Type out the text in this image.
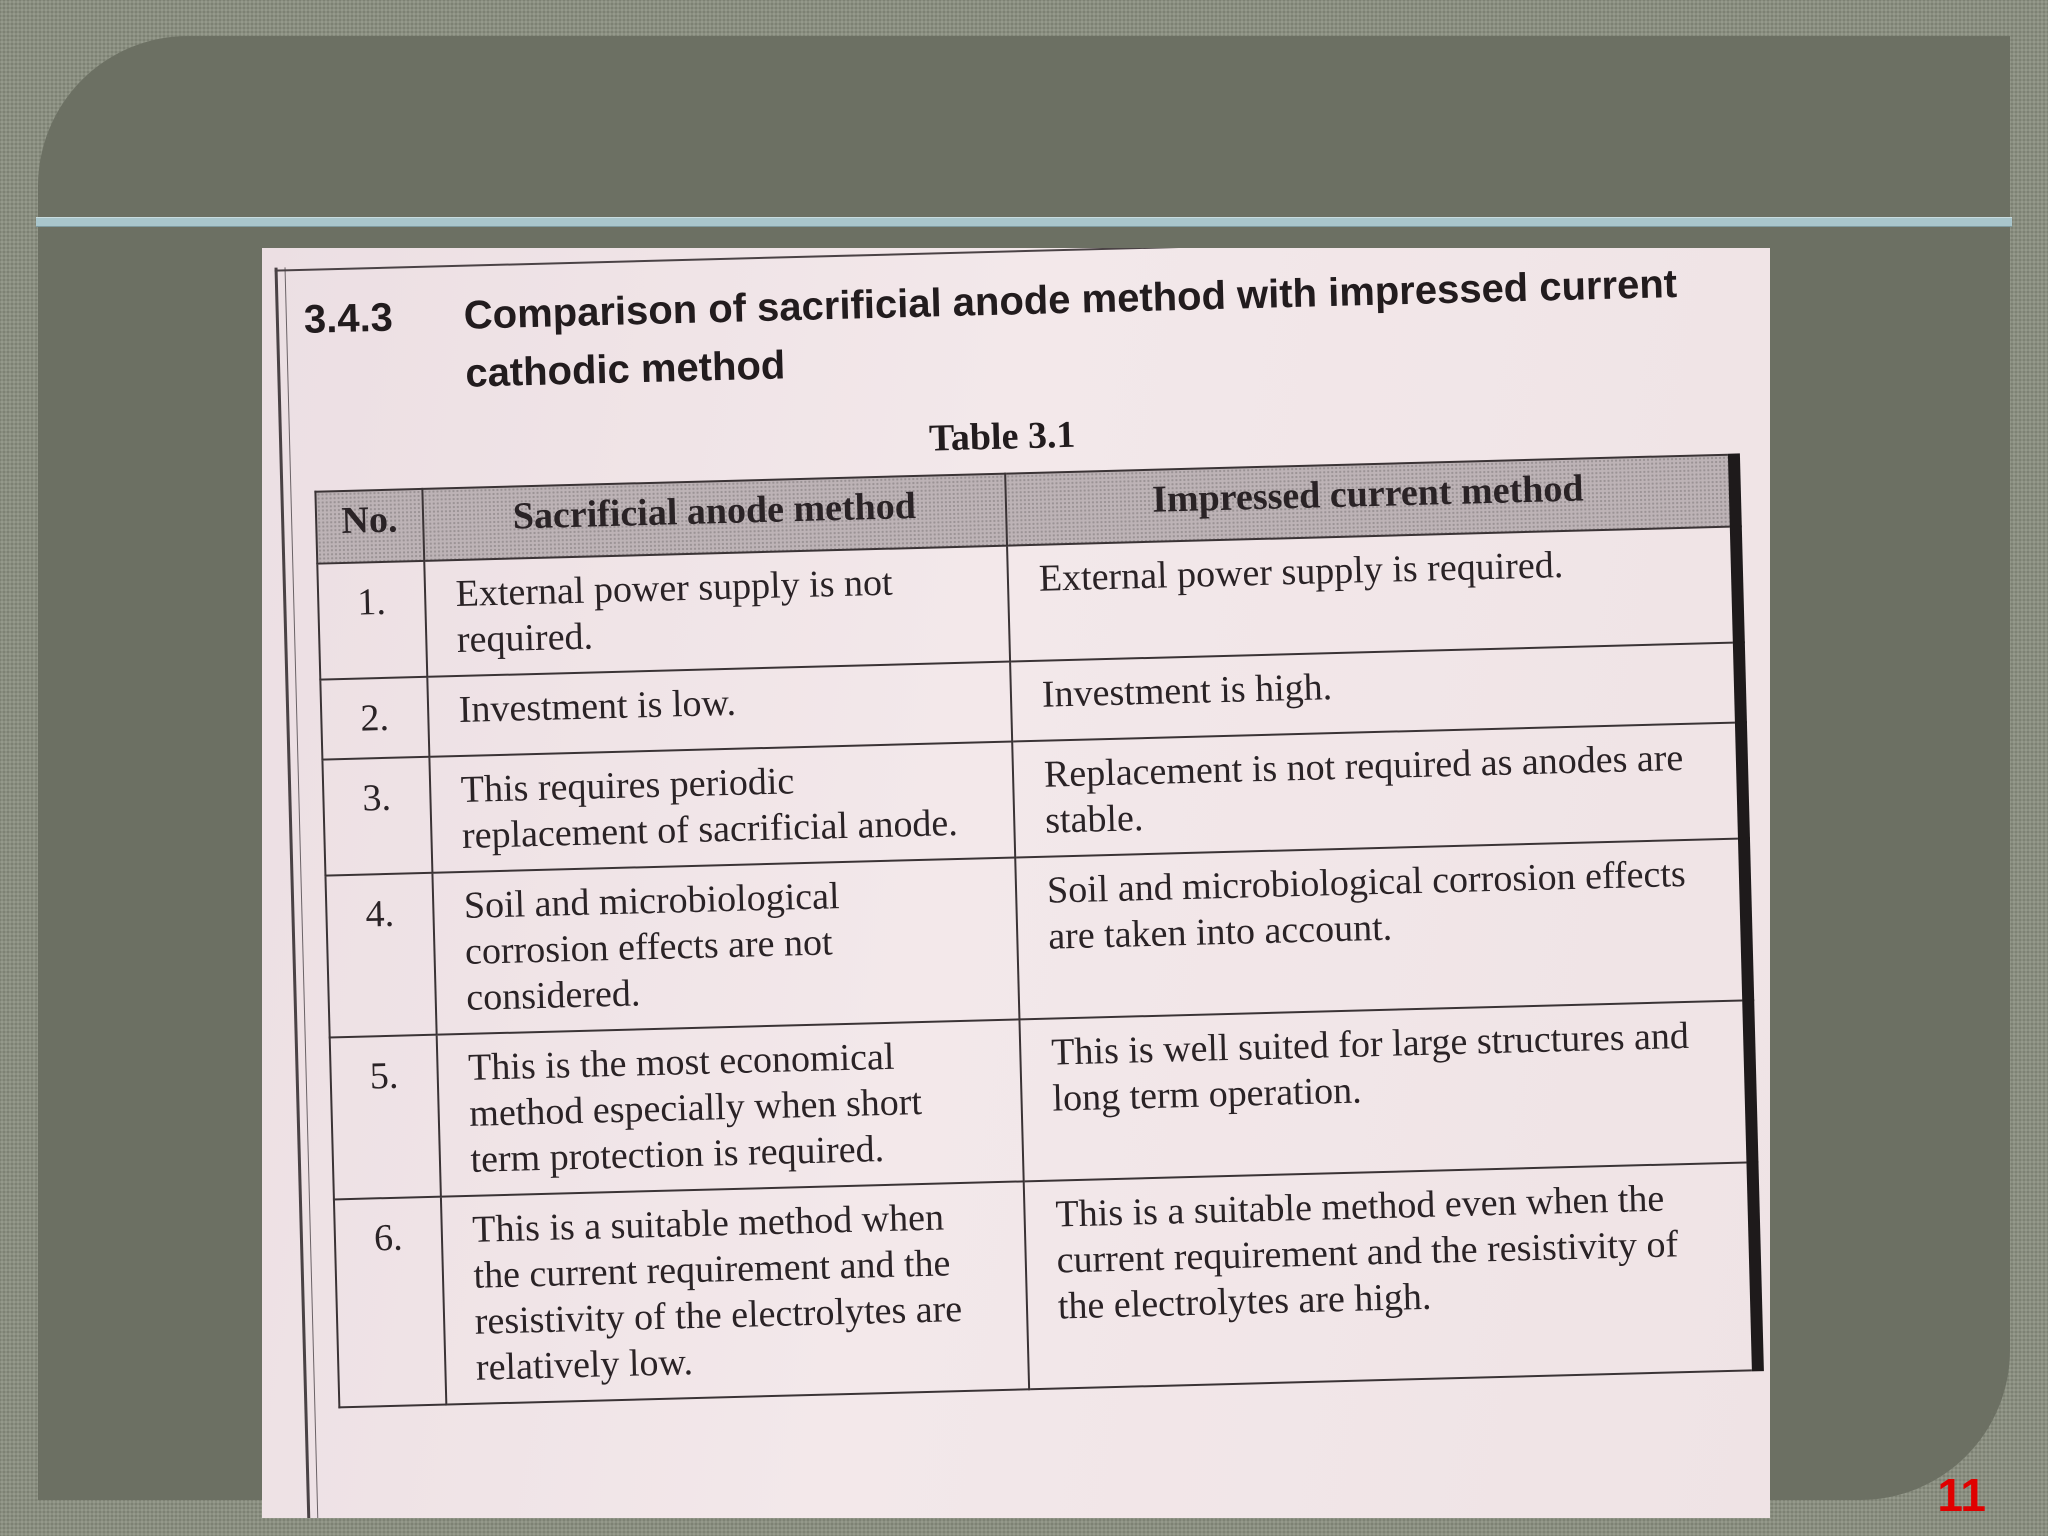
3.4.3 Comparison of sacrificial anode method with impressed current cathodic method
Table 3.1
No.	Sacrificial anode method	Impressed current method
1.	External power supply is not required.	External power supply is required.
2.	Investment is low.	Investment is high.
3.	This requires periodic replacement of sacrificial anode.	Replacement is not required as anodes are stable.
4.	Soil and microbiological corrosion effects are not considered.	Soil and microbiological corrosion effects are taken into account.
5.	This is the most economical method especially when short term protection is required.	This is well suited for large structures and long term operation.
6.	This is a suitable method when the current requirement and the resistivity of the electrolytes are relatively low.	This is a suitable method even when the current requirement and the resistivity of the electrolytes are high.
11
